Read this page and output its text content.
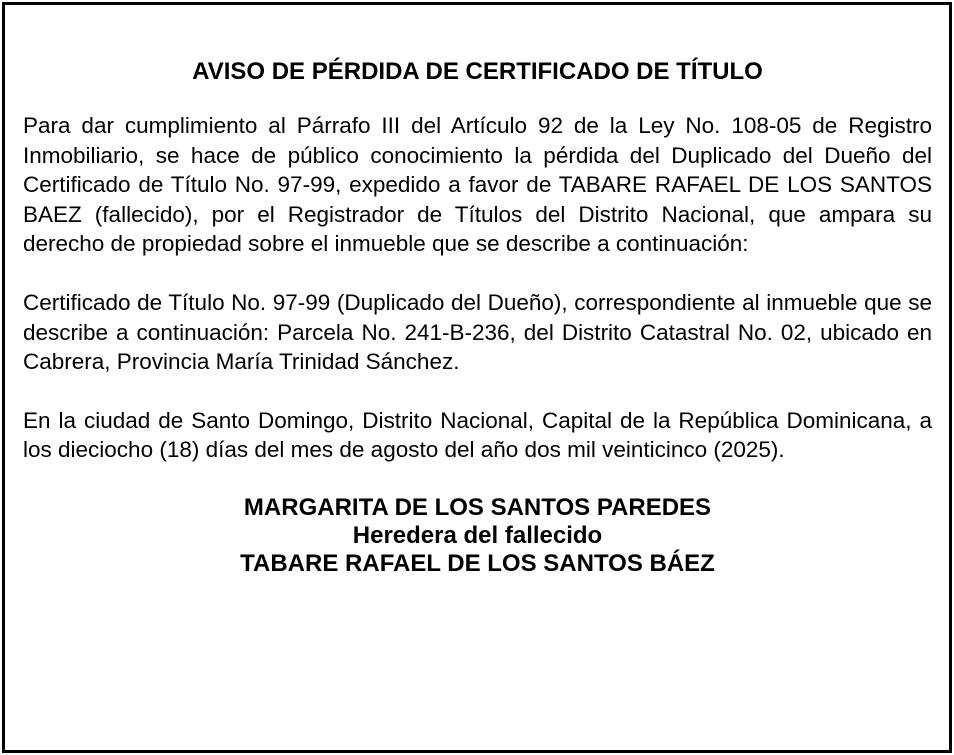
AVISO DE PÉRDIDA DE CERTIFICADO DE TÍTULO
Para dar cumplimiento al Párrafo III del Artículo 92 de la Ley No. 108-05 de Registro Inmobiliario, se hace de público conocimiento la pérdida del Duplicado del Dueño del Certificado de Título No. 97-99, expedido a favor de TABARE RAFAEL DE LOS SANTOS BAEZ (fallecido), por el Registrador de Títulos del Distrito Nacional, que ampara su derecho de propiedad sobre el inmueble que se describe a continuación:
Certificado de Título No. 97-99 (Duplicado del Dueño), correspondiente al inmueble que se describe a continuación: Parcela No. 241-B-236, del Distrito Catastral No. 02, ubicado en Cabrera, Provincia María Trinidad Sánchez.
En la ciudad de Santo Domingo, Distrito Nacional, Capital de la República Dominicana, a los dieciocho (18) días del mes de agosto del año dos mil veinticinco (2025).
MARGARITA DE LOS SANTOS PAREDES
Heredera del fallecido
TABARE RAFAEL DE LOS SANTOS BÁEZ
